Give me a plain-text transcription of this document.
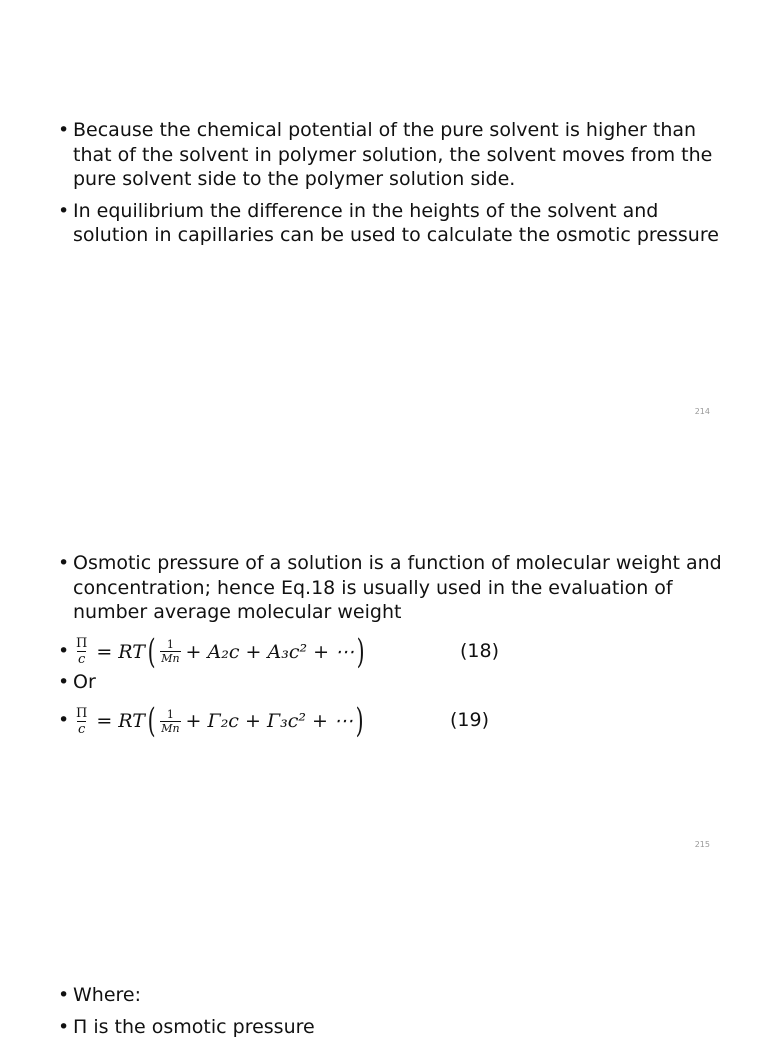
• Because the chemical potential of the pure solvent is higher than that of the solvent in polymer solution, the solvent moves from the pure solvent side to the polymer solution side.
• In equilibrium the difference in the heights of the solvent and solution in capillaries can be used to calculate the osmotic pressure
214
• Osmotic pressure of a solution is a function of molecular weight and concentration; hence Eq.18 is usually used in the evaluation of number average molecular weight
• $\frac{\Pi}{c}$ = RT ( $\frac{1}{Mn} + A_2c + A_3c^2$ + ⋯ )	(18)
• Or
• $\frac{\Pi}{c}$ = RT ( $\frac{1}{Mn} + \Gamma_2c + \Gamma_3c^2$ + ⋯ )	(19)
215
• Where:
• Π is the osmotic pressure
